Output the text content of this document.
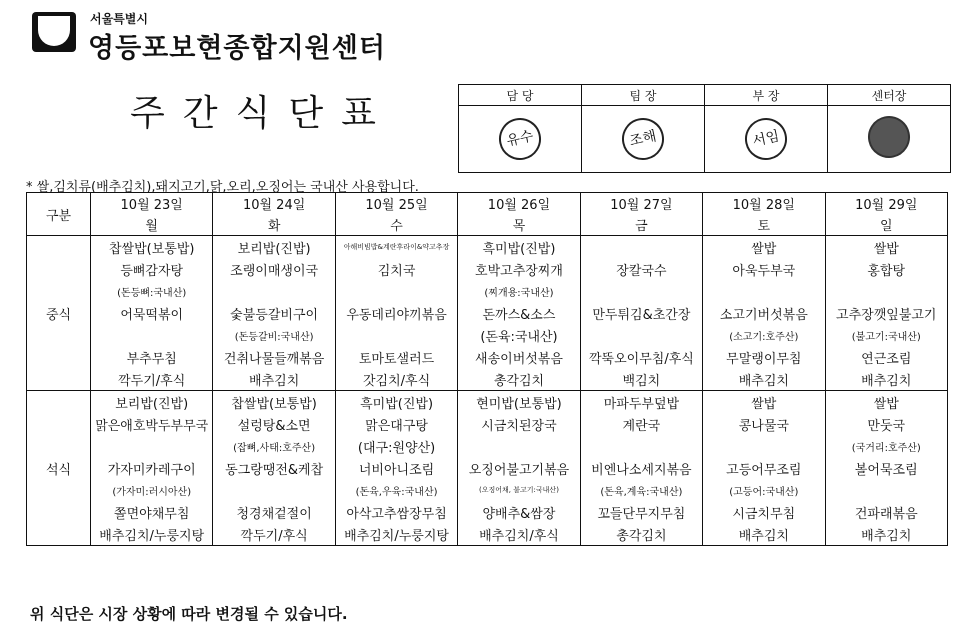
서울특별시
영등포보현종합지원센터
주간식단표	담 당	팀 장	부 장	센터장
유수	조해	서임	
* 쌀,김치류(배추김치),돼지고기,닭,오리,오징어는 국내산 사용합니다.
구분	10월 23일	10월 24일	10월 25일	10월 26일	10월 27일	10월 28일	10월 29일
	월	화	수	목	금	토	일
중식	찹쌀밥(보통밥)	보리밥(진밥)	아해비빔밥&계란후라이&약고추장	흑미밥(진밥)		쌀밥	쌀밥
	등뼈감자탕	조랭이매생이국	김치국	호박고추장찌개	장칼국수	아욱두부국	홍합탕
	(돈등뼈:국내산)			(찌개용:국내산)			
	어묵떡볶이	숯불등갈비구이	우동데리야끼볶음	돈까스&소스	만두튀김&초간장	소고기버섯볶음	고추장깻잎불고기
		(돈등갈비:국내산)		(돈육:국내산)		(소고기:호주산)	(불고기:국내산)
	부추무침	건취나물들깨볶음	토마토샐러드	새송이버섯볶음	깍뚝오이무침/후식	무말랭이무침	연근조림
	깍두기/후식	배추김치	갓김치/후식	총각김치	백김치	배추김치	배추김치
석식	보리밥(진밥)	찹쌀밥(보통밥)	흑미밥(진밥)	현미밥(보통밥)	마파두부덮밥	쌀밥	쌀밥
	맑은애호박두부무국	설렁탕&소면	맑은대구탕	시금치된장국	계란국	콩나물국	만둣국
		(잡뼈,사태:호주산)	(대구:원양산)				(국거리:호주산)
	가자미카레구이	동그랑땡전&케찹	너비아니조림	오징어불고기볶음	비엔나소세지볶음	고등어무조림	볼어묵조림
	(가자미:러시아산)		(돈육,우육:국내산)	(오징어채, 불고기:국내산)	(돈육,계육:국내산)	(고등어:국내산)	
	쫄면야채무침	청경채겉절이	아삭고추쌈장무침	양배추&쌈장	꼬들단무지무침	시금치무침	건파래볶음
	배추김치/누룽지탕	깍두기/후식	배추김치/누룽지탕	배추김치/후식	총각김치	배추김치	배추김치
위 식단은 시장 상황에 따라 변경될 수 있습니다.
